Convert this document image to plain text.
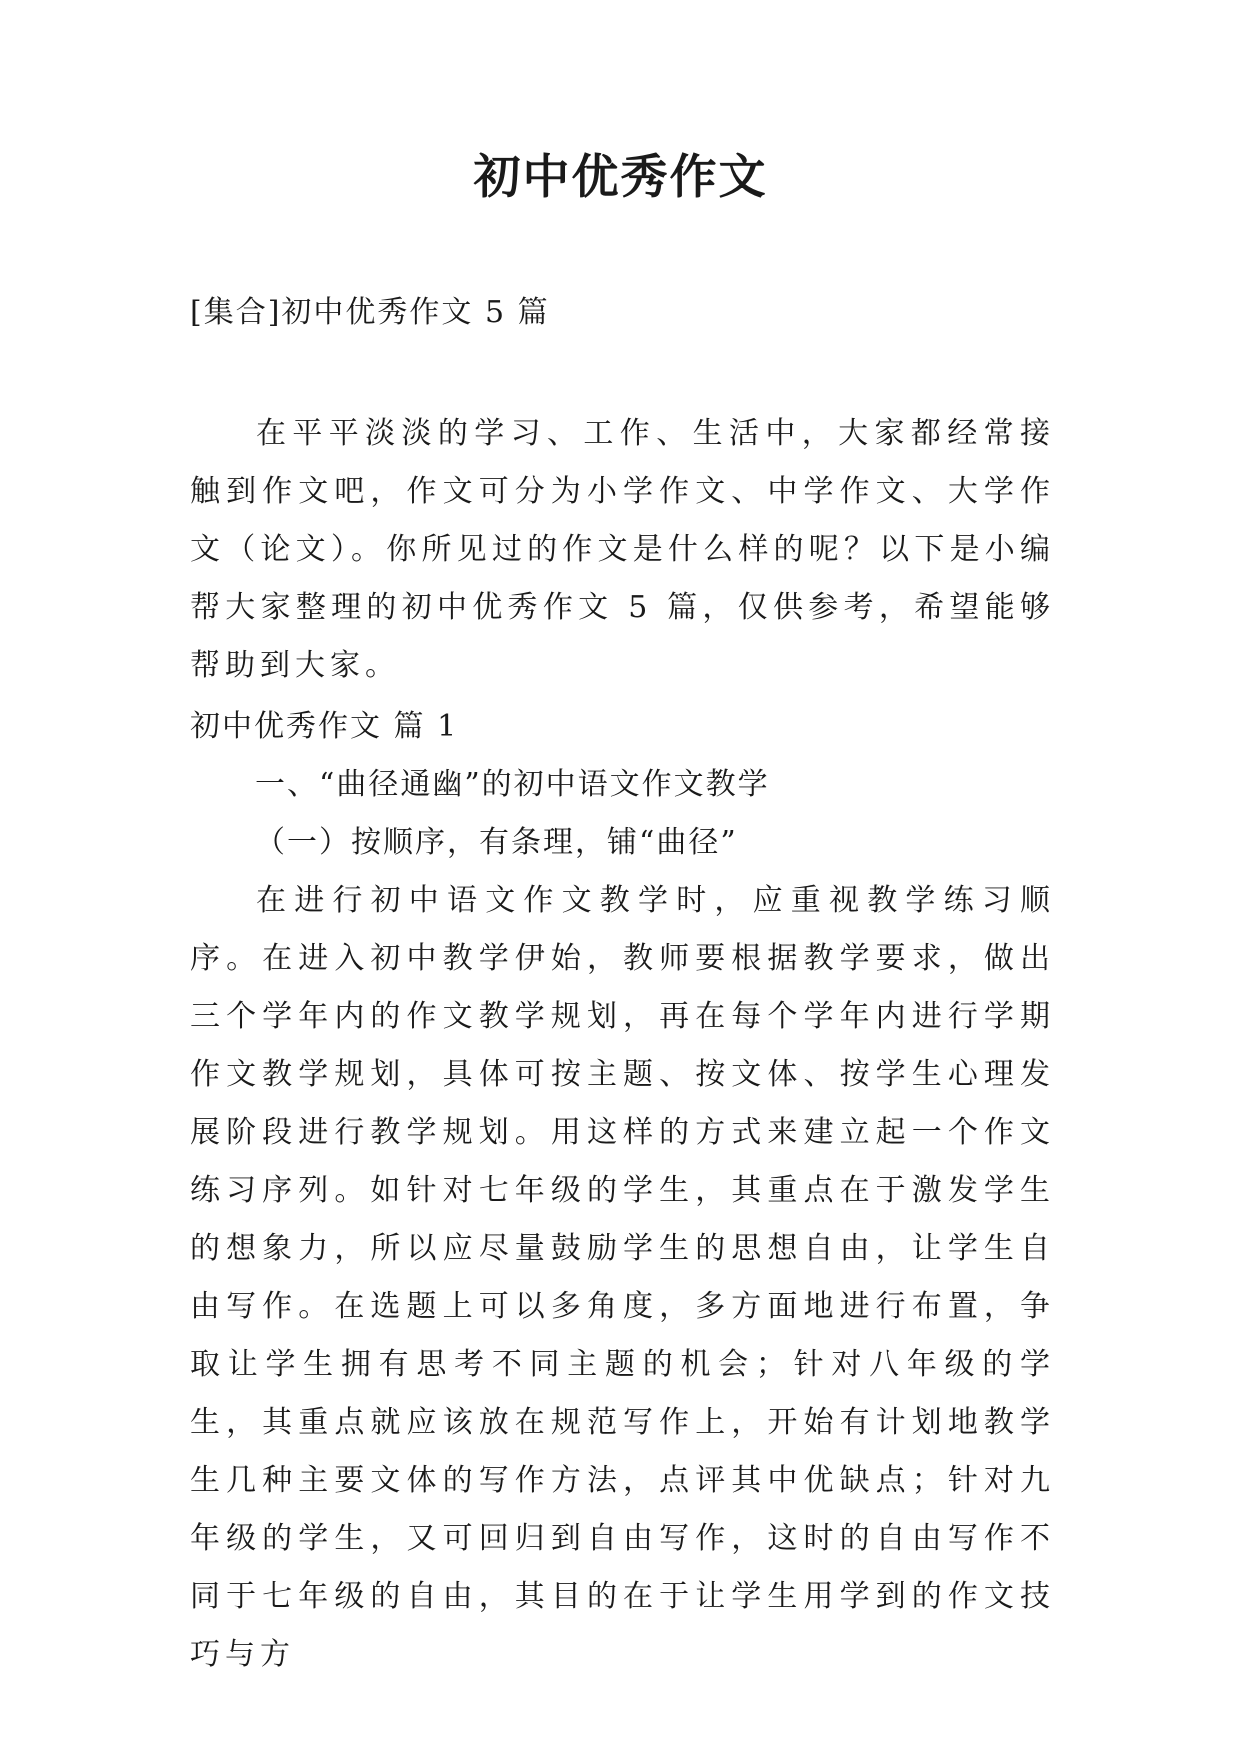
初中优秀作文
[集合]初中优秀作文 5 篇

在平平淡淡的学习、工作、生活中，大家都经常接触到作文吧，作文可分为小学作文、中学作文、大学作文（论文）。你所见过的作文是什么样的呢？以下是小编帮大家整理的初中优秀作文 5 篇，仅供参考，希望能够帮助到大家。

初中优秀作文 篇 1
一、“曲径通幽”的初中语文作文教学
（一）按顺序，有条理，铺“曲径”

在进行初中语文作文教学时，应重视教学练习顺序。在进入初中教学伊始，教师要根据教学要求，做出三个学年内的作文教学规划，再在每个学年内进行学期作文教学规划，具体可按主题、按文体、按学生心理发展阶段进行教学规划。用这样的方式来建立起一个作文练习序列。如针对七年级的学生，其重点在于激发学生的想象力，所以应尽量鼓励学生的思想自由，让学生自由写作。在选题上可以多角度，多方面地进行布置，争取让学生拥有思考不同主题的机会；针对八年级的学生，其重点就应该放在规范写作上，开始有计划地教学生几种主要文体的写作方法，点评其中优缺点；针对九年级的学生，又可回归到自由写作，这时的自由写作不同于七年级的自由，其目的在于让学生用学到的作文技巧与方
